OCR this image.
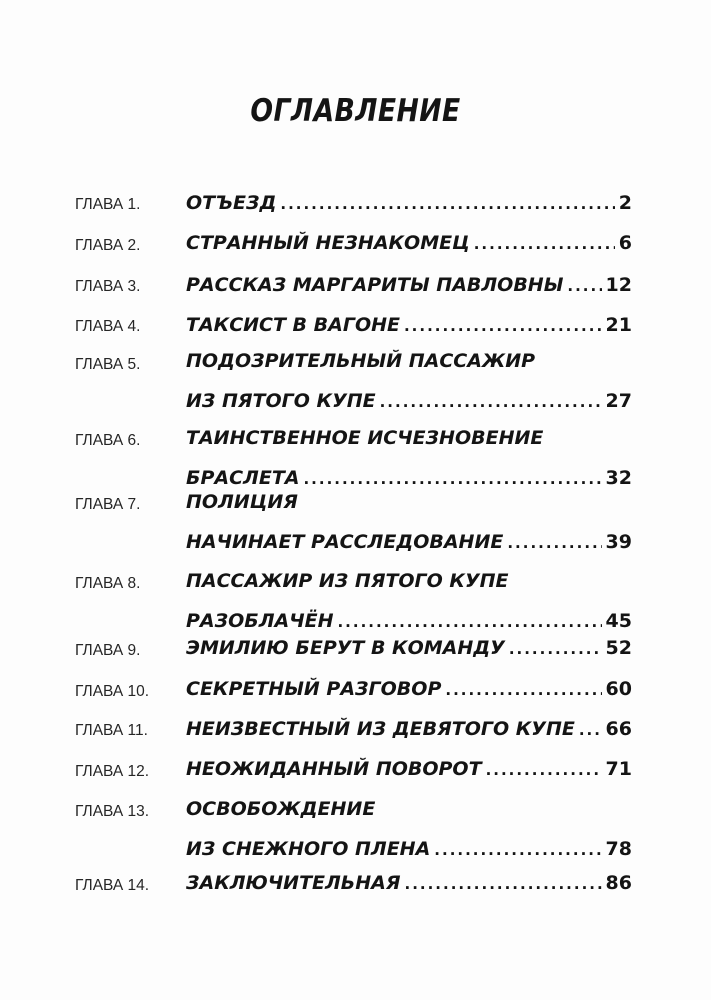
ОГЛАВЛЕНИЕ
ГЛАВА 1.	ОТЪЕЗД .....	2
ГЛАВА 2.	СТРАННЫЙ НЕЗНАКОМЕЦ .....	6
ГЛАВА 3.	РАССКАЗ МАРГАРИТЫ ПАВЛОВНЫ ..... 12
ГЛАВА 4.	ТАКСИСТ В ВАГОНЕ .....	21
ГЛАВА 5.	ПОДОЗРИТЕЛЬНЫЙ ПАССАЖИР
ИЗ ПЯТОГО КУПЕ .....	27
ГЛАВА 6.	ТАИНСТВЕННОЕ ИСЧЕЗНОВЕНИЕ
БРАСЛЕТА .....	32
ГЛАВА 7.	ПОЛИЦИЯ
НАЧИНАЕТ РАССЛЕДОВАНИЕ .....	39
ГЛАВА 8.	ПАССАЖИР ИЗ ПЯТОГО КУПЕ
РАЗОБЛАЧЁН .....	45
ГЛАВА 9.	ЭМИЛИЮ БЕРУТ В КОМАНДУ .....	52
ГЛАВА 10.	СЕКРЕТНЫЙ РАЗГОВОР .....	60
ГЛАВА 11.	НЕИЗВЕСТНЫЙ ИЗ ДЕВЯТОГО КУПЕ ..... 66
ГЛАВА 12.	НЕОЖИДАННЫЙ ПОВОРОТ .....	71
ГЛАВА 13.	ОСВОБОЖДЕНИЕ
ИЗ СНЕЖНОГО ПЛЕНА .....	78
ГЛАВА 14.	ЗАКЛЮЧИТЕЛЬНАЯ .....	86
